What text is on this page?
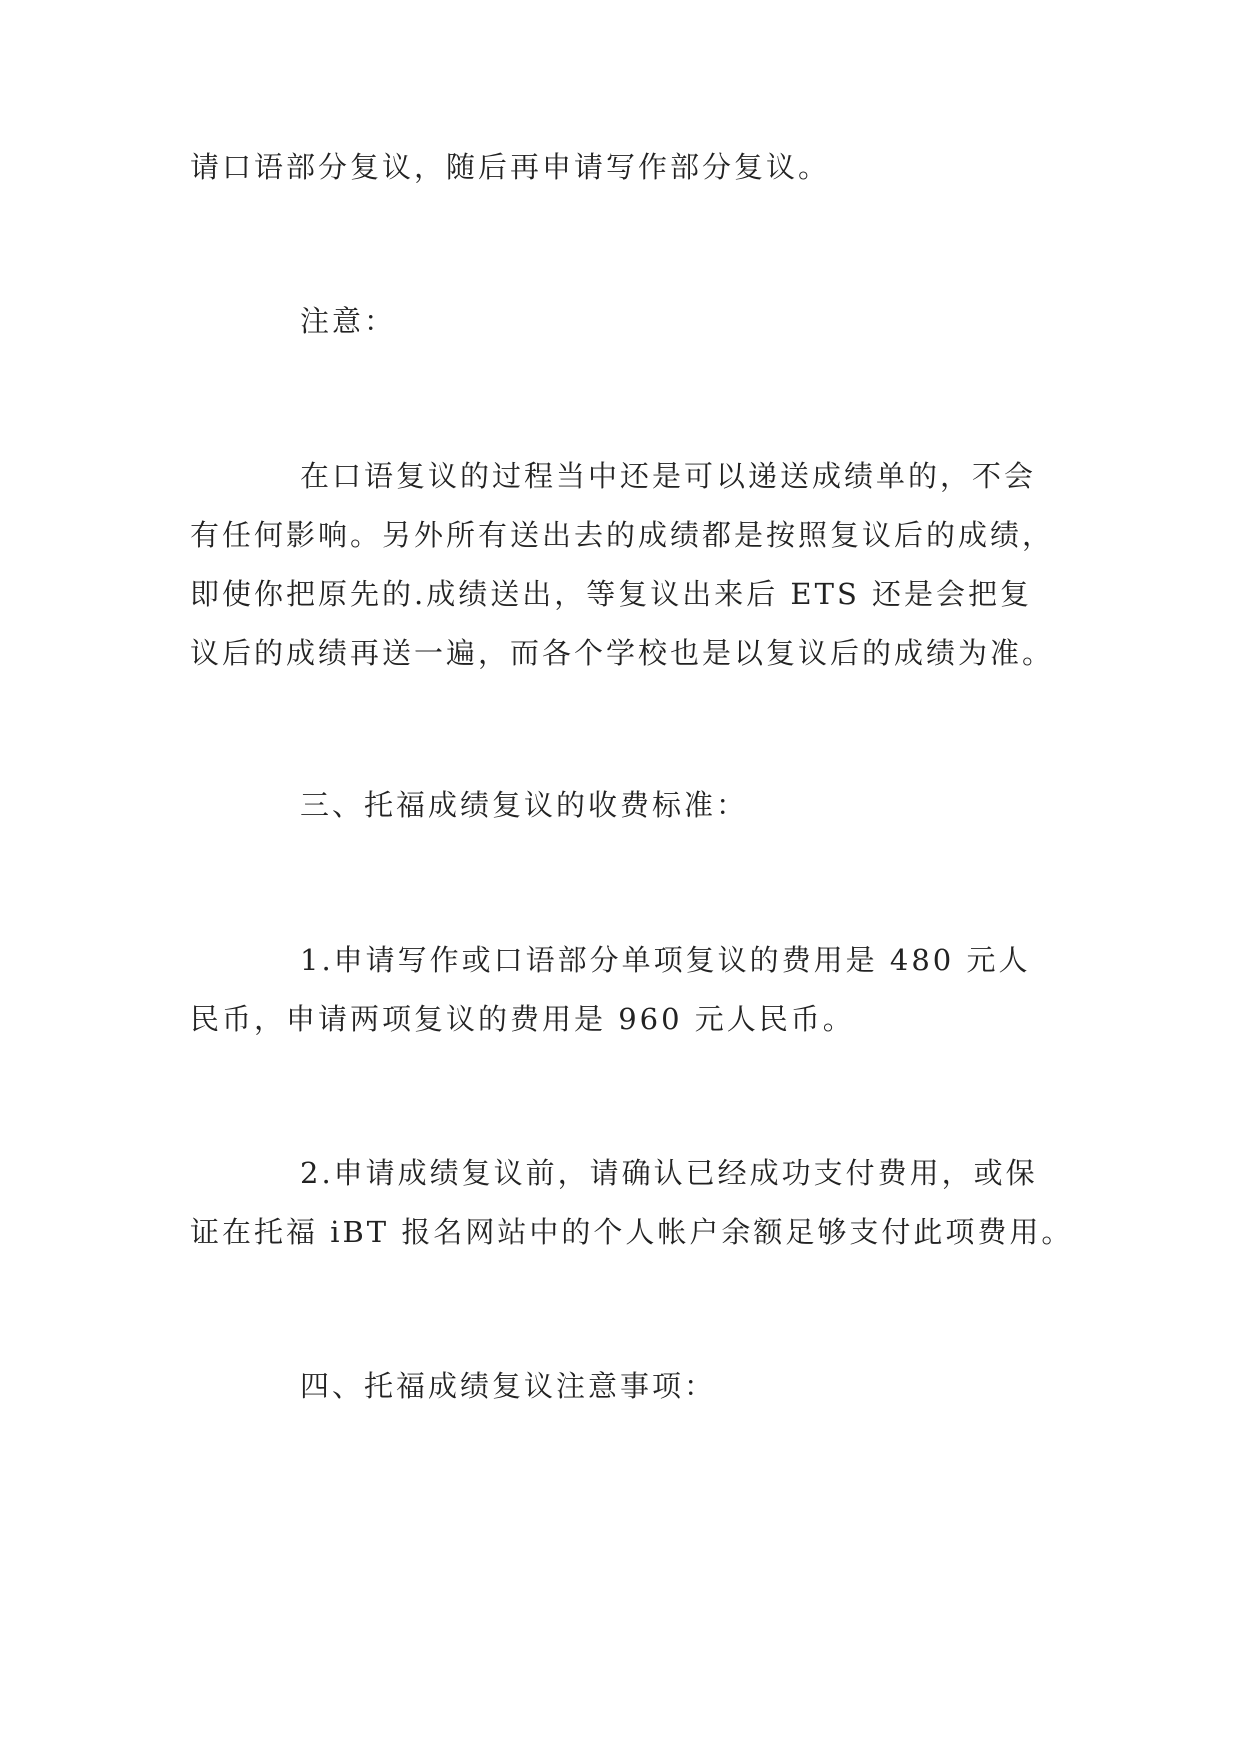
请口语部分复议，随后再申请写作部分复议。

注意：

在口语复议的过程当中还是可以递送成绩单的，不会
有任何影响。另外所有送出去的成绩都是按照复议后的成绩，
即使你把原先的.成绩送出，等复议出来后 ETS 还是会把复
议后的成绩再送一遍，而各个学校也是以复议后的成绩为准。

三、托福成绩复议的收费标准：

1.申请写作或口语部分单项复议的费用是 480 元人
民币，申请两项复议的费用是 960 元人民币。

2.申请成绩复议前，请确认已经成功支付费用，或保
证在托福 iBT 报名网站中的个人帐户余额足够支付此项费用。

四、托福成绩复议注意事项：
